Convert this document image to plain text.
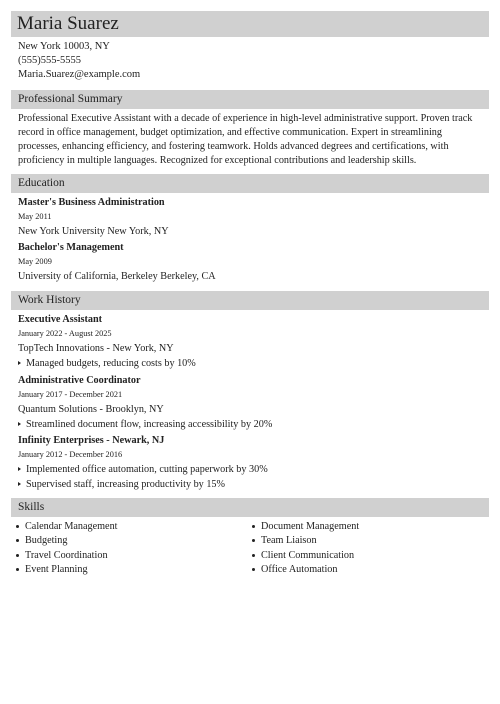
Maria Suarez
New York 10003, NY
(555)555-5555
Maria.Suarez@example.com
Professional Summary
Professional Executive Assistant with a decade of experience in high-level administrative support. Proven track record in office management, budget optimization, and effective communication. Expert in streamlining processes, enhancing efficiency, and fostering teamwork. Holds advanced degrees and certifications, with proficiency in multiple languages. Recognized for exceptional contributions and leadership skills.
Education
Master's Business Administration
May 2011
New York University New York, NY
Bachelor's Management
May 2009
University of California, Berkeley Berkeley, CA
Work History
Executive Assistant
January 2022 - August 2025
TopTech Innovations - New York, NY
Managed budgets, reducing costs by 10%
Administrative Coordinator
January 2017 - December 2021
Quantum Solutions - Brooklyn, NY
Streamlined document flow, increasing accessibility by 20%
Infinity Enterprises - Newark, NJ
January 2012 - December 2016
Implemented office automation, cutting paperwork by 30%
Supervised staff, increasing productivity by 15%
Skills
Calendar Management
Budgeting
Travel Coordination
Event Planning
Document Management
Team Liaison
Client Communication
Office Automation
